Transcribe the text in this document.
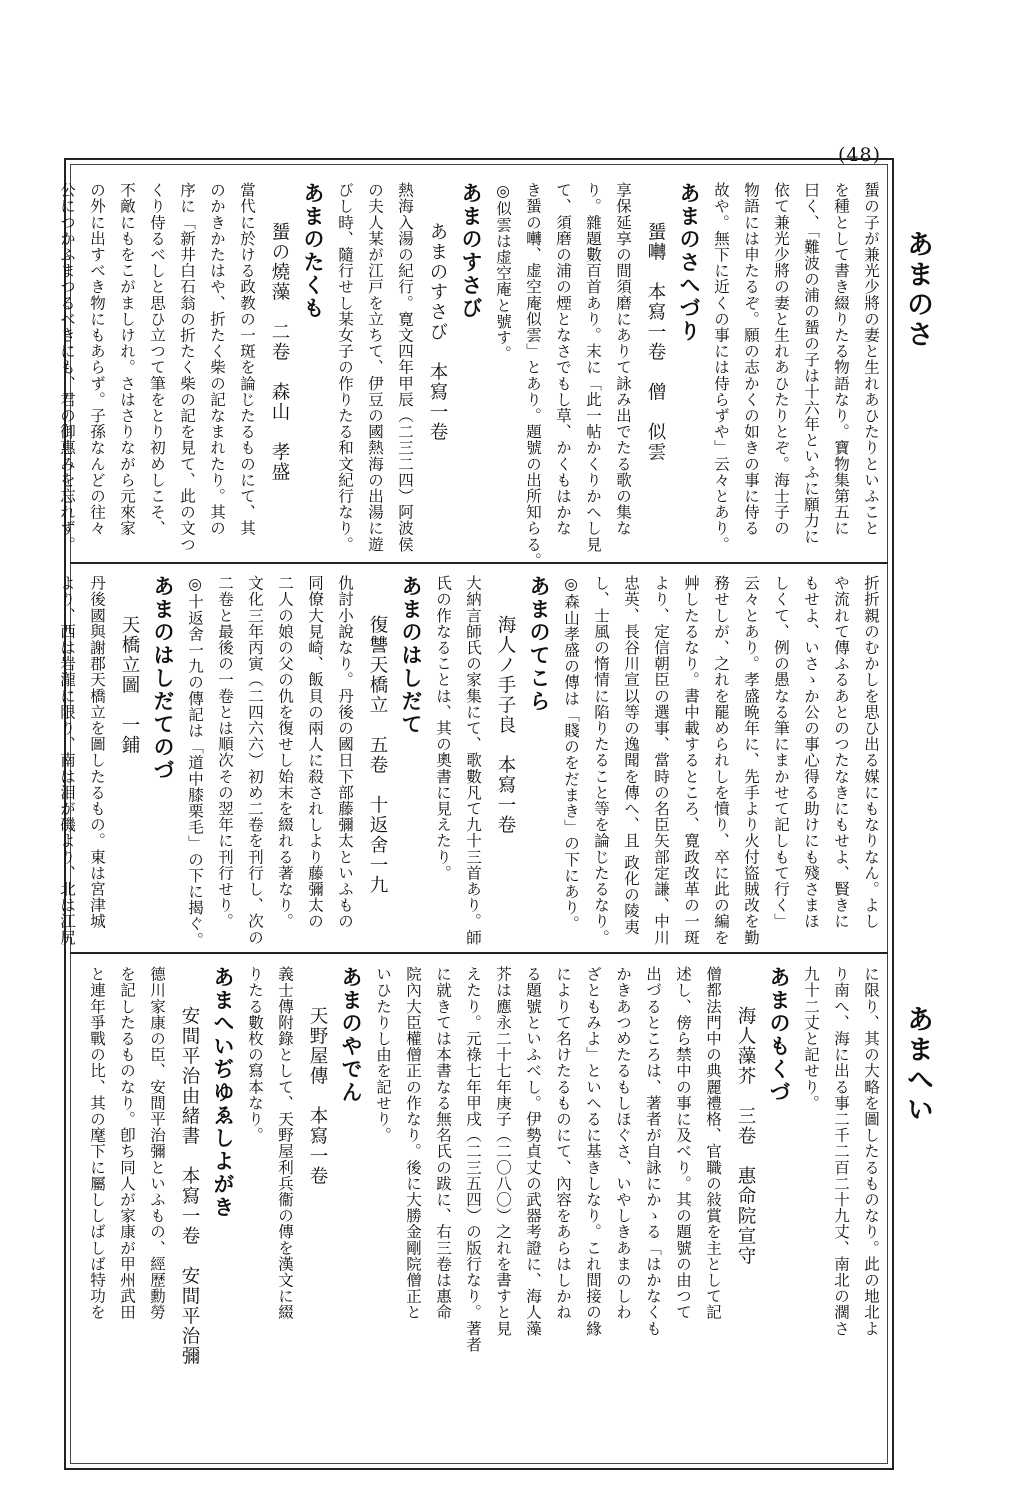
(48)
あまのさ
あまへい
蜑の子が兼光少將の妻と生れあひたりといふこと
を種として書き綴りたる物語なり。寶物集第五に
曰く、「難波の浦の蜑の子は十六年といふに願力に
依て兼光少將の妻と生れあひたりとぞ。海士子の
物語には申たるぞ。願の志かくの如きの事に侍る
故や。無下に近くの事には侍らずや」云々とあり。
あまのさへづり
蜑囀　本寫一卷　僧　似雲
享保延享の間須磨にありて詠み出でたる歌の集な
り。雜題數百首あり。末に「此一帖かくりかへし見
て、須磨の浦の煙となさでもし草、かくもはかな
き蜑の囀、虚空庵似雲」とあり。題號の出所知らる。
◎似雲は虚空庵と號す。
あまのすさび
あまのすさび　本寫一卷
熱海入湯の紀行。寛文四年甲辰（二三二四）阿波侯
の夫人某が江戸を立ちて、伊豆の國熱海の出湯に遊
びし時、隨行せし某女子の作りたる和文紀行なり。
あまのたくも
蜑の燒藻　二卷　森山　孝盛
當代に於ける政教の一斑を論じたるものにて、其
のかきかたはや、折たく柴の記なまれたり。其の
序に「新井白石翁の折たく柴の記を見て、此の文つ
くり侍るべしと思ひ立つて筆をとり初めしこそ、
不敵にもをこがましけれ。さはさりながら元來家
の外に出すべき物にもあらず。子孫なんどの往々
公につかふまつるべきにも、君の御惠みを忘れず。
折折親のむかしを思ひ出る媒にもなりなん。よし
や流れて傳ふるあとのつたなきにもせよ、賢きに
もせよ、いさゝか公の事心得る助けにも殘さまほ
しくて、例の愚なる筆にまかせて記しもて行く」
云々とあり。孝盛晩年に、先手より火付盜賊改を勤
務せしが、之れを罷められしを憤り、卒に此の編を
艸したるなり。書中載するところ、寛政改革の一斑
より、定信朝臣の選事、當時の名臣矢部定謙、中川
忠英、長谷川宣以等の逸聞を傳へ、且 政化の陵夷
し、士風の惰情に陷りたること等を論じたるなり。
◎森山孝盛の傳は「賤のをだまき」の下にあり。
あまのてこら
海人ノ手子良　本寫一卷
大納言師氏の家集にて、歌數凡て九十三首あり。師
氏の作なることは、其の奧書に見えたり。
あまのはしだて
復讐天橋立　五卷　十返舍一九
仇討小說なり。丹後の國日下部藤彌太といふもの
同僚大見崎、飯貝の兩人に殺されしより藤彌太の
二人の娘の父の仇を復せし始末を綴れる著なり。
文化三年丙寅（二四六六）初め二卷を刊行し、次の
二卷と最後の一卷とは順次その翌年に刊行せり。
◎十返舍一九の傳記は「道中膝栗毛」の下に揭ぐ。
あまのはしだてのづ
天橋立圖　一鋪
丹後國與謝郡天橋立を圖したるもの。東は宮津城
より、西は岩瀧に限り、南は泪が磯より、北は江尻
に限り、其の大略を圖したるものなり。此の地北よ
り南へ、海に出る事二千二百二十九丈、南北の濶さ
九十二丈と記せり。
あまのもくづ
海人藻芥　三卷　惠命院宣守
僧都法門中の典麗禮格、官職の敍賞を主として記
述し、傍ら禁中の事に及べり。其の題號の由つて
出づるところは、著者が自詠にかゝる「はかなくも
かきあつめたるもしほぐさ、いやしきあまのしわ
ざともみよ」といへるに基きしなり。これ間接の緣
によりて名けたるものにて、內容をあらはしかね
る題號といふべし。伊勢貞丈の武器考證に、海人藻
芥は應永二十七年庚子（二〇八〇）之れを書すと見
えたり。元祿七年甲戌（二三五四）の版行なり。著者
に就きては本書なる無名氏の跋に、右三卷は惠命
院內大臣權僧正の作なり。後に大勝金剛院僧正と
いひたりし由を記せり。
あまのやでん
天野屋傳　本寫一卷
義士傳附錄として、天野屋利兵衞の傳を漢文に綴
りたる數枚の寫本なり。
あまへいぢゆゑしよがき
安間平治由緒書　本寫一卷　安間平治彌
德川家康の臣、安間平治彌といふもの、經歷勳勞
を記したるものなり。卽ち同人が家康が甲州武田
と連年爭戰の比、其の麾下に屬ししばしば特功を
